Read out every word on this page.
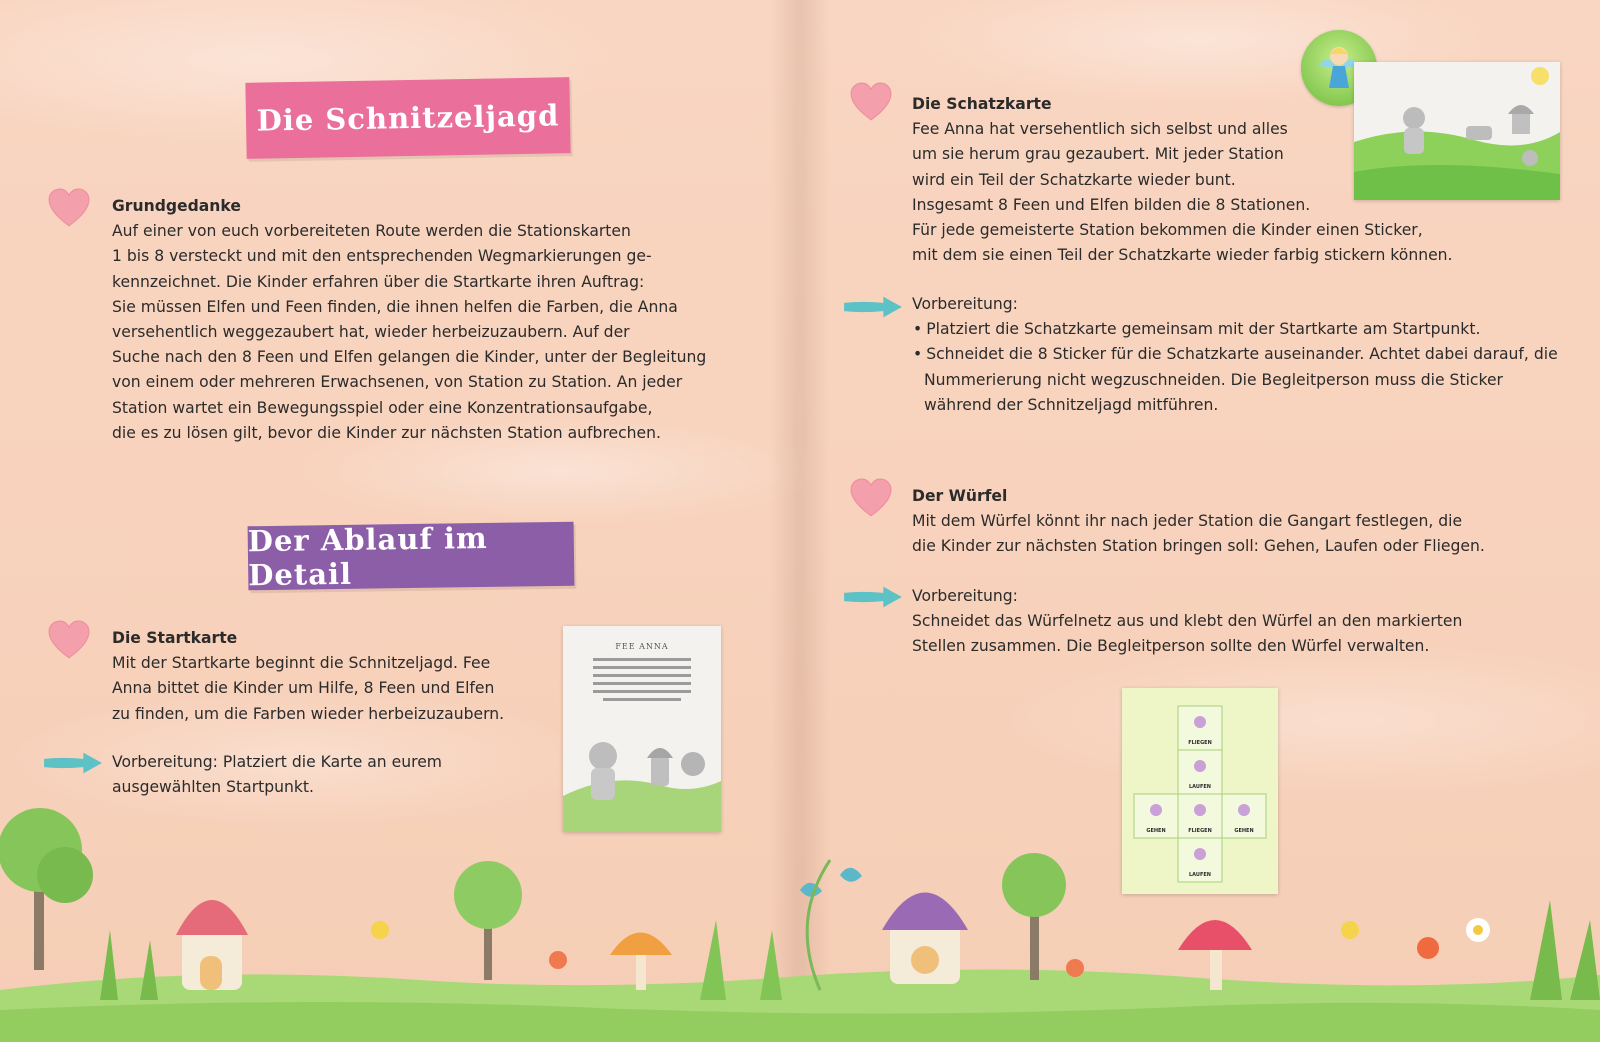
Die Schnitzeljagd

Grundgedanke

Auf einer von euch vorbereiteten Route werden die Stationskarten

1 bis 8 versteckt und mit den entsprechenden Wegmarkierungen ge-

kennzeichnet. Die Kinder erfahren über die Startkarte ihren Auftrag:

Sie müssen Elfen und Feen finden, die ihnen helfen die Farben, die Anna

versehentlich weggezaubert hat, wieder herbeizuzaubern. Auf der

Suche nach den 8 Feen und Elfen gelangen die Kinder, unter der Begleitung

von einem oder mehreren Erwachsenen, von Station zu Station. An jeder

Station wartet ein Bewegungsspiel oder eine Konzentrationsaufgabe,

die es zu lösen gilt, bevor die Kinder zur nächsten Station aufbrechen.

Der Ablauf im Detail

Die Startkarte

Mit der Startkarte beginnt die Schnitzeljagd. Fee

Anna bittet die Kinder um Hilfe, 8 Feen und Elfen

zu finden, um die Farben wieder herbeizuzaubern.

Vorbereitung: Platziert die Karte an eurem

ausgewählten Startpunkt.

FEE ANNA

Die Schatzkarte

Fee Anna hat versehentlich sich selbst und alles

um sie herum grau gezaubert. Mit jeder Station

wird ein Teil der Schatzkarte wieder bunt.

Insgesamt 8 Feen und Elfen bilden die 8 Stationen.

Für jede gemeisterte Station bekommen die Kinder einen Sticker,

mit dem sie einen Teil der Schatzkarte wieder farbig stickern können.

Vorbereitung:

• Platziert die Schatzkarte gemeinsam mit der Startkarte am Startpunkt.
• Schneidet die 8 Sticker für die Schatzkarte auseinander. Achtet dabei darauf, die Nummerierung nicht wegzuschneiden. Die Begleitperson muss die Sticker während der Schnitzeljagd mitführen.

Der Würfel

Mit dem Würfel könnt ihr nach jeder Station die Gangart festlegen, die

die Kinder zur nächsten Station bringen soll: Gehen, Laufen oder Fliegen.

Vorbereitung:

Schneidet das Würfelnetz aus und klebt den Würfel an den markierten

Stellen zusammen. Die Begleitperson sollte den Würfel verwalten.

FLIEGEN
LAUFEN
GEHEN	FLIEGEN	GEHEN
LAUFEN
